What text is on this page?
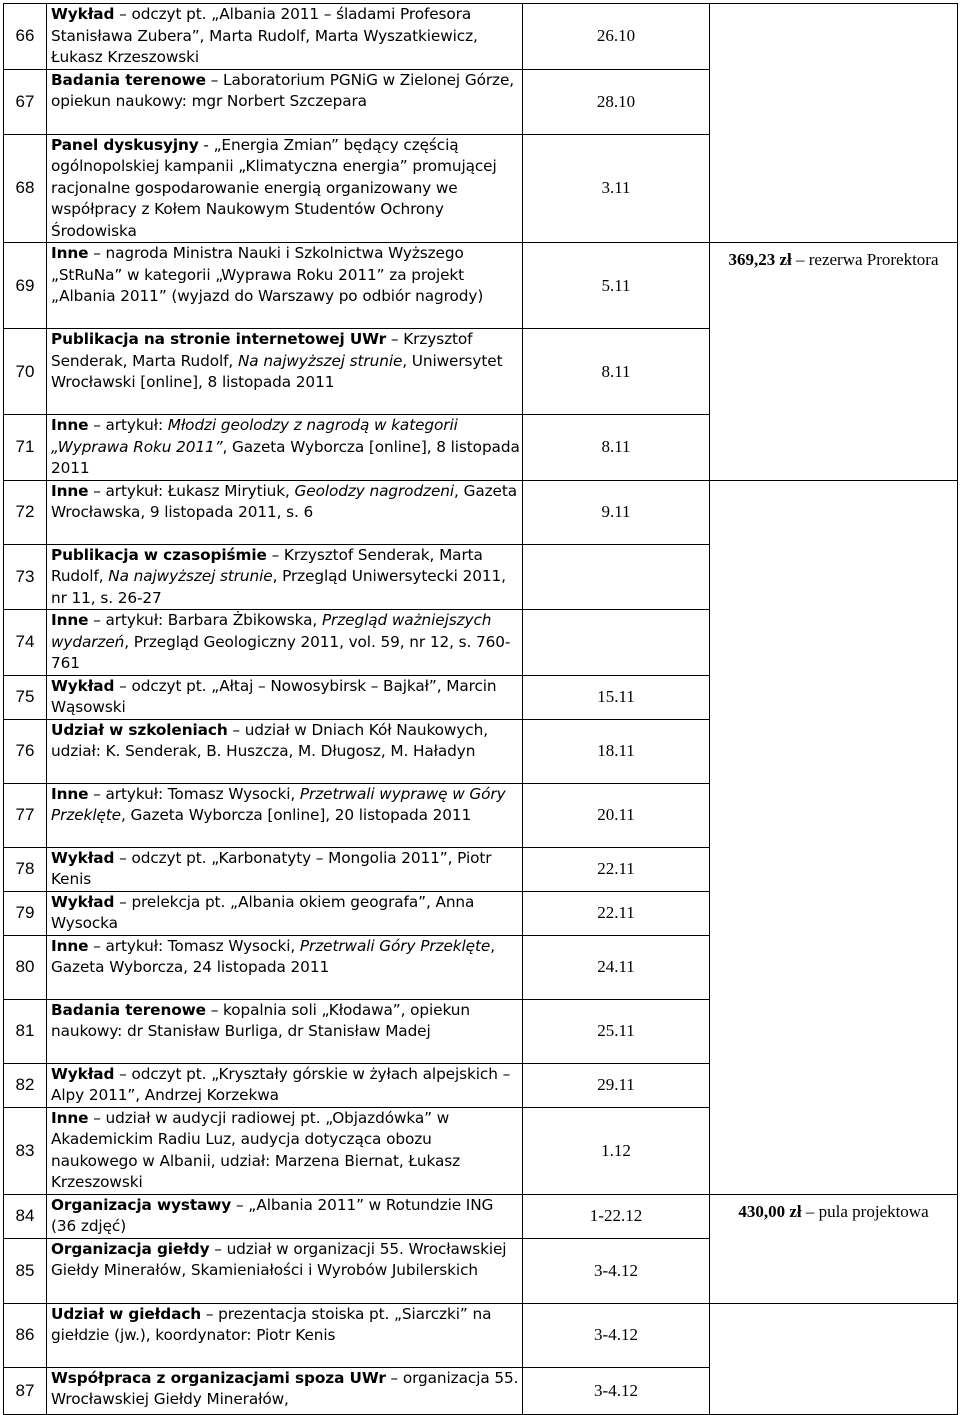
66	Wykład – odczyt pt. „Albania 2011 – śladami Profesora Stanisława Zubera”, Marta Rudolf, Marta Wyszatkiewicz, Łukasz Krzeszowski	26.10	
67	Badania terenowe – Laboratorium PGNiG w Zielonej Górze, opiekun naukowy: mgr Norbert Szczepara	28.10	
68	Panel dyskusyjny - „Energia Zmian” będący częścią ogólnopolskiej kampanii „Klimatyczna energia” promującej racjonalne gospodarowanie energią organizowany we współpracy z Kołem Naukowym Studentów Ochrony Środowiska	3.11	
69	Inne – nagroda Ministra Nauki i Szkolnictwa Wyższego „StRuNa” w kategorii „Wyprawa Roku 2011” za projekt „Albania 2011” (wyjazd do Warszawy po odbiór nagrody)	5.11	369,23 zł – rezerwa Prorektora
70	Publikacja na stronie internetowej UWr – Krzysztof Senderak, Marta Rudolf, Na najwyższej strunie, Uniwersytet Wrocławski [online], 8 listopada 2011	8.11	
71	Inne – artykuł: Młodzi geolodzy z nagrodą w kategorii „Wyprawa Roku 2011”, Gazeta Wyborcza [online], 8 listopada 2011	8.11	
72	Inne – artykuł: Łukasz Mirytiuk, Geolodzy nagrodzeni, Gazeta Wrocławska, 9 listopada 2011, s. 6	9.11	
73	Publikacja w czasopiśmie – Krzysztof Senderak, Marta Rudolf, Na najwyższej strunie, Przegląd Uniwersytecki 2011, nr 11, s. 26-27		
74	Inne – artykuł: Barbara Żbikowska, Przegląd ważniejszych wydarzeń, Przegląd Geologiczny 2011, vol. 59, nr 12, s. 760-761		
75	Wykład – odczyt pt. „Ałtaj – Nowosybirsk – Bajkał”, Marcin Wąsowski	15.11	
76	Udział w szkoleniach – udział w Dniach Kół Naukowych, udział: K. Senderak, B. Huszcza, M. Długosz, M. Haładyn	18.11	
77	Inne – artykuł: Tomasz Wysocki, Przetrwali wyprawę w Góry Przeklęte, Gazeta Wyborcza [online], 20 listopada 2011	20.11	
78	Wykład – odczyt pt. „Karbonatyty – Mongolia 2011”, Piotr Kenis	22.11	
79	Wykład – prelekcja pt. „Albania okiem geografa”, Anna Wysocka	22.11	
80	Inne – artykuł: Tomasz Wysocki, Przetrwali Góry Przeklęte, Gazeta Wyborcza, 24 listopada 2011	24.11	
81	Badania terenowe – kopalnia soli „Kłodawa”, opiekun naukowy: dr Stanisław Burliga, dr Stanisław Madej	25.11	
82	Wykład – odczyt pt. „Kryształy górskie w żyłach alpejskich – Alpy 2011”, Andrzej Korzekwa	29.11	
83	Inne – udział w audycji radiowej pt. „Objazdówka” w Akademickim Radiu Luz, audycja dotycząca obozu naukowego w Albanii, udział: Marzena Biernat, Łukasz Krzeszowski	1.12	
84	Organizacja wystawy – „Albania 2011” w Rotundzie ING (36 zdjęć)	1-22.12	430,00 zł – pula projektowa
85	Organizacja giełdy – udział w organizacji 55. Wrocławskiej Giełdy Minerałów, Skamieniałości i Wyrobów Jubilerskich	3-4.12	
86	Udział w giełdach – prezentacja stoiska pt. „Siarczki” na giełdzie (jw.), koordynator: Piotr Kenis	3-4.12	
87	Współpraca z organizacjami spoza UWr – organizacja 55. Wrocławskiej Giełdy Minerałów,	3-4.12	
